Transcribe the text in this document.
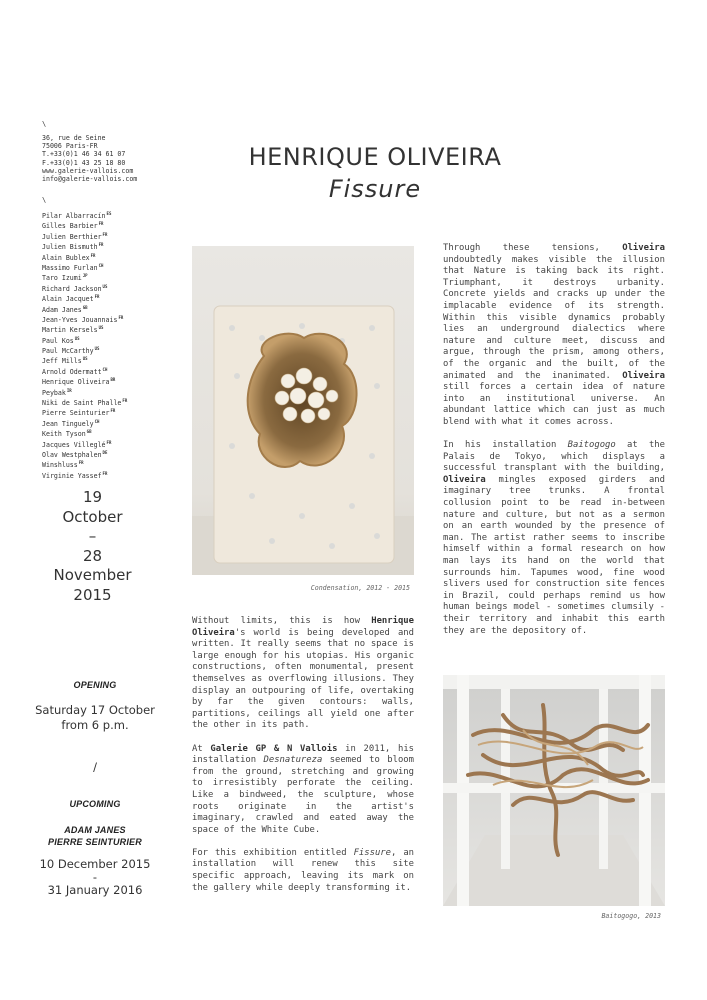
\
36, rue de Seine
75006 Paris-FR
T.+33(0)1 46 34 61 07
F.+33(0)1 43 25 18 80
www.galerie-vallois.com
info@galerie-vallois.com
\
Pilar Albarracín$^{ES}$
Gilles Barbier$^{FR}$
Julien Berthier$^{FR}$
Julien Bismuth$^{FR}$
Alain Bublex$^{FR}$
Massimo Furlan$^{CH}$
Taro Izumi$^{JP}$
Richard Jackson$^{US}$
Alain Jacquet$^{FR}$
Adam Janes$^{GB}$
Jean-Yves Jouannais$^{FR}$
Martin Kersels$^{US}$
Paul Kos$^{US}$
Paul McCarthy$^{US}$
Jeff Mills$^{US}$
Arnold Odermatt$^{CH}$
Henrique Oliveira$^{BR}$
Peybak$^{IR}$
Niki de Saint Phalle$^{FR}$
Pierre Seinturier$^{FR}$
Jean Tinguely$^{CH}$
Keith Tyson$^{GB}$
Jacques Villeglé$^{FR}$
Olav Westphalen$^{DE}$
Winshluss$^{FR}$
Virginie Yassef$^{FR}$
19
October
–
28
November
2015
OPENING
Saturday 17 October
from 6 p.m.
/
UPCOMING
ADAM JANES
PIERRE SEINTURIER
10 December 2015
-
31 January 2016
HENRIQUE OLIVEIRA
Fissure
Condensation, 2012 - 2015

Without limits, this is how Henrique Oliveira's world is being developed and written. It really seems that no space is large enough for his utopias. His organic constructions, often monumental, present themselves as overflowing illusions. They display an outpouring of life, overtaking by far the given contours: walls, partitions, ceilings all yield one after the other in its path.

At Galerie GP & N Vallois in 2011, his installation Desnatureza seemed to bloom from the ground, stretching and growing to irresistibly perforate the ceiling. Like a bindweed, the sculpture, whose roots originate in the artist's imaginary, crawled and eated away the space of the White Cube.

For this exhibition entitled Fissure, an installation will renew this site specific approach, leaving its mark on the gallery while deeply transforming it.

Through these tensions, Oliveira undoubtedly makes visible the illusion that Nature is taking back its right. Triumphant, it destroys urbanity. Concrete yields and cracks up under the implacable evidence of its strength. Within this visible dynamics probably lies an underground dialectics where nature and culture meet, discuss and argue, through the prism, among others, of the organic and the built, of the animated and the inanimated. Oliveira still forces a certain idea of nature into an institutional universe. An abundant lattice which can just as much blend with what it comes across.

In his installation Baitogogo at the Palais de Tokyo, which displays a successful transplant with the building, Oliveira mingles exposed girders and imaginary tree trunks. A frontal collusion point to be read in-between nature and culture, but not as a sermon on an earth wounded by the presence of man. The artist rather seems to inscribe himself within a formal research on how man lays its hand on the world that surrounds him. Tapumes wood, fine wood slivers used for construction site fences in Brazil, could perhaps remind us how human beings model - sometimes clumsily - their territory and inhabit this earth they are the depository of.

Baitogogo, 2013
